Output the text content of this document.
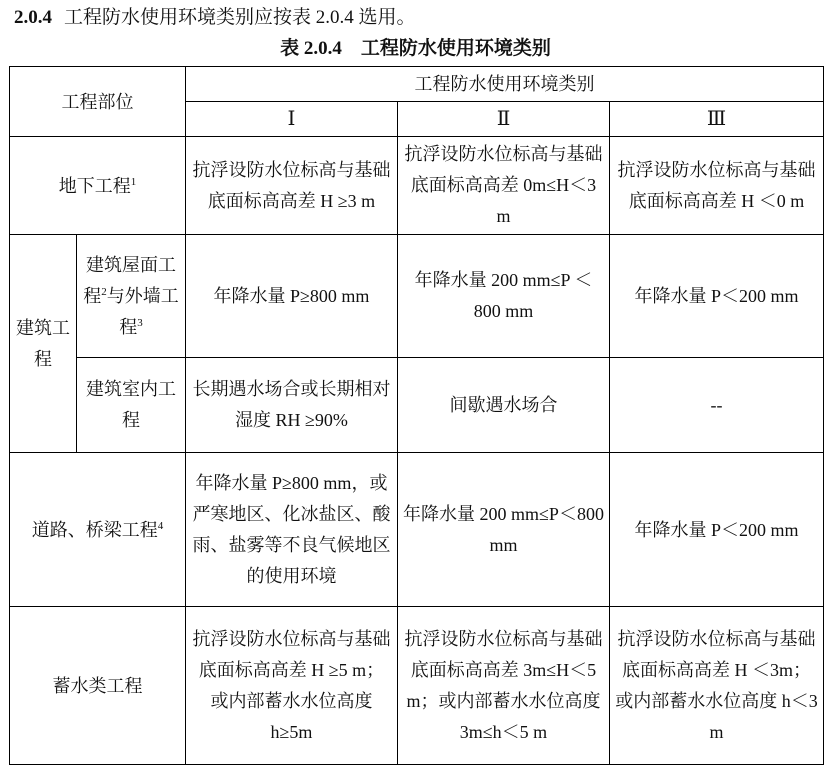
2.0.4 工程防水使用环境类别应按表 2.0.4 选用。
表 2.0.4　工程防水使用环境类别
工程部位		工程防水使用环境类别		
		Ⅰ	Ⅱ	Ⅲ
地下工程$^1$		抗浮设防水位标高与基础底面标高高差 H ≥3 m	抗浮设防水位标高与基础底面标高高差 0m≤H＜3 m	抗浮设防水位标高与基础底面标高高差 H ＜0 m

建筑工程	建筑屋面工程$^2$与外墙工程$^3$	年降水量 P≥800 mm	年降水量 200 mm≤P ＜800 mm	年降水量 P＜200 mm

	建筑室内工程	长期遇水场合或长期相对湿度 RH ≥90%	间歇遇水场合	--
道路、桥梁工程$^4$		年降水量 P≥800 mm，或严寒地区、化冰盐区、酸雨、盐雾等不良气候地区的使用环境	年降水量 200 mm≤P＜800 mm	年降水量 P＜200 mm
蓄水类工程		抗浮设防水位标高与基础底面标高高差 H ≥5 m；或内部蓄水水位高度 h≥5m	抗浮设防水位标高与基础底面标高高差 3m≤H＜5 m；或内部蓄水水位高度 3m≤h＜5 m	抗浮设防水位标高与基础底面标高高差 H ＜3m；或内部蓄水水位高度 h＜3 m
